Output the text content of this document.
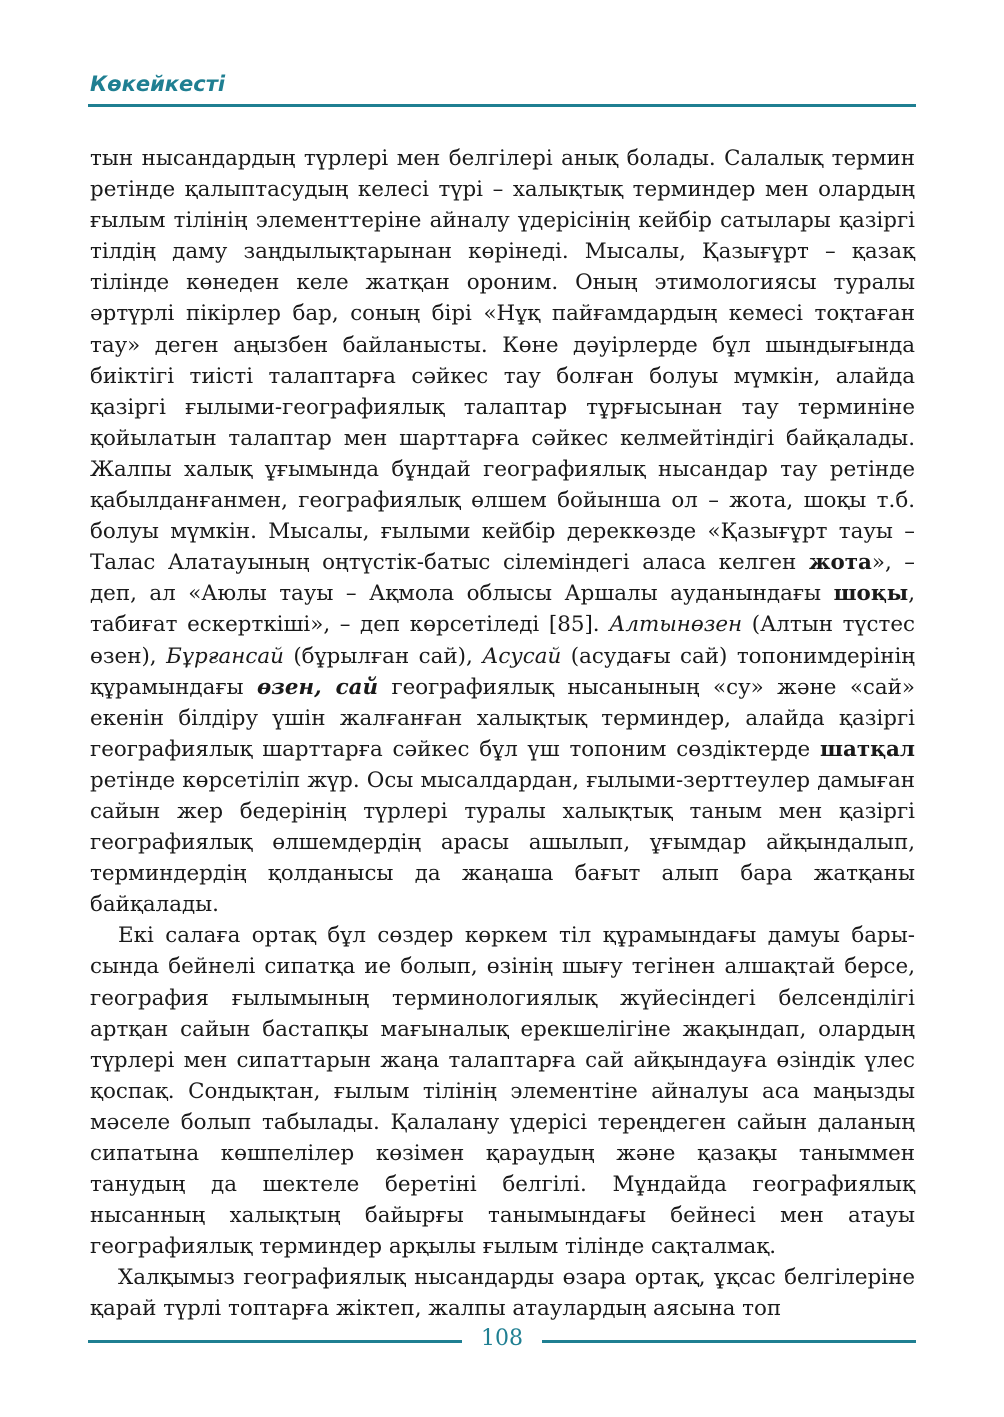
Көкейкесті

тын нысандардың түрлері мен белгілері анық болады. Салалық термин ретінде қалыптасудың келесі түрі – халықтық терминдер мен олардың ғылым тілінің элементтеріне айналу үдерісінің кейбір сатылары қазіргі тілдің даму заңдылықтарынан көрінеді. Мысалы, Қазығұрт – қазақ тілінде көнеден келе жатқан ороним. Оның этимологиясы туралы әртүрлі пікірлер бар, соның бірі «Нұқ пайғамдардың кемесі тоқтаған тау» деген аңызбен байланысты. Көне дәуірлерде бұл шындығында биіктігі тиісті талаптарға сәйкес тау болған болуы мүмкін, алайда қазіргі ғылыми-географиялық талаптар тұрғысынан тау терминіне қойылатын талаптар мен шарттарға сәйкес келмейтіндігі байқалады. Жалпы халық ұғымында бұндай географиялық нысандар тау ретінде қабылданғанмен, географиялық өлшем бойынша ол – жота, шоқы т.б. болуы мүмкін. Мысалы, ғылыми кейбір дереккөзде «Қазығұрт тауы – Талас Алатауының оңтүстік-батыс сілеміндегі аласа келген жота», – деп, ал «Аюлы тауы – Ақмола облысы Аршалы ауданындағы шоқы, табиғат ескерткіші», – деп көрсетіледі [85]. Алтынөзен (Алтын түстес өзен), Бұрғансай (бұрылған сай), Асусай (асудағы сай) топонимдерінің құрамындағы өзен, сай географиялық нысанының «су» және «сай» екенін білдіру үшін жалғанған халықтық терминдер, алайда қазіргі географиялық шарттарға сәйкес бұл үш топоним сөздіктерде шатқал ретінде көрсетіліп жүр. Осы мысалдардан, ғылыми-зерттеулер дамыған сайын жер бедерінің түрлері туралы халықтық таным мен қазіргі географиялық өлшемдердің арасы ашылып, ұғымдар айқындалып, терминдердің қолданысы да жаңаша бағыт алып бара жатқаны байқалады.

Екі салаға ортақ бұл сөздер көркем тіл құрамындағы дамуы барысында бейнелі сипатқа ие болып, өзінің шығу тегінен алшақтай берсе, география ғылымының терминологиялық жүйесіндегі белсенділігі артқан сайын бастапқы мағыналық ерекшелігіне жақындап, олардың түрлері мен сипаттарын жаңа талаптарға сай айқындауға өзіндік үлес қоспақ. Сондықтан, ғылым тілінің элементіне айналуы аса маңызды мәселе болып табылады. Қалалану үдерісі тереңдеген сайын даланың сипатына көшпелілер көзімен қараудың және қазақы таныммен танудың да шектеле беретіні белгілі. Мұндайда географиялық нысанның халықтың байырғы танымындағы бейнесі мен атауы географиялық терминдер арқылы ғылым тілінде сақталмақ.

Халқымыз географиялық нысандарды өзара ортақ, ұқсас белгілеріне қарай түрлі топтарға жіктеп, жалпы атаулардың аясына топ

108
